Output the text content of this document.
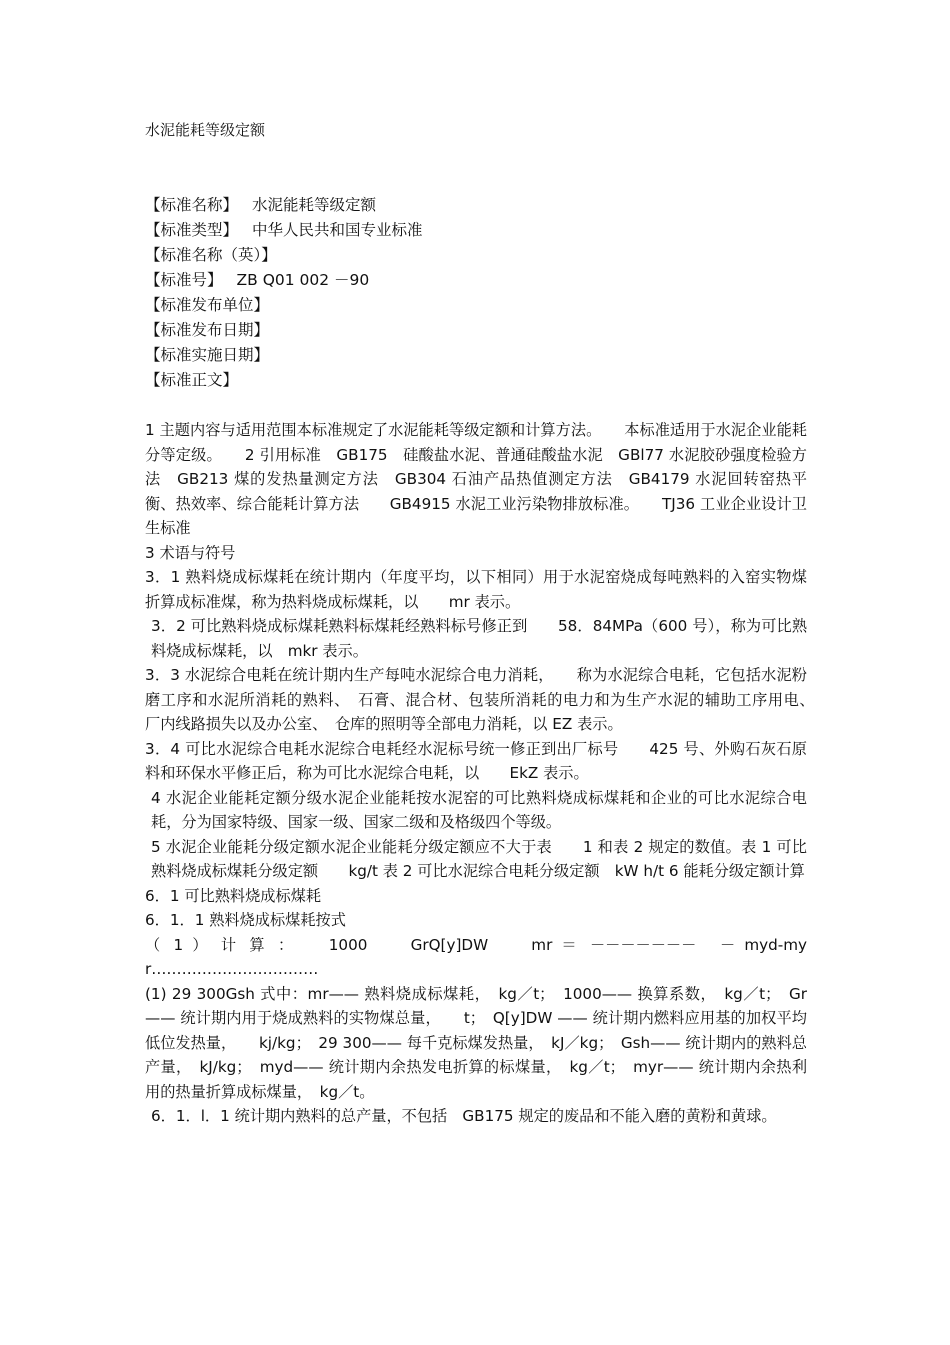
水泥能耗等级定额
【标准名称】 水泥能耗等级定额
【标准类型】 中华人民共和国专业标准
【标准名称（英）】
【标准号】 ZB Q01 002 －90
【标准发布单位】
【标准发布日期】
【标准实施日期】
【标准正文】

1 主题内容与适用范围本标准规定了水泥能耗等级定额和计算方法。　　本标准适用于水泥企业能耗分等定级。　　2 引用标准　GB175　硅酸盐水泥、普通硅酸盐水泥　GBl77 水泥胶砂强度检验方法　GB213 煤的发热量测定方法　GB304 石油产品热值测定方法　GB4179 水泥回转窑热平衡、热效率、综合能耗计算方法　　GB4915 水泥工业污染物排放标准。　　TJ36 工业企业设计卫生标准

3 术语与符号

3．1 熟料烧成标煤耗在统计期内（年度平均，以下相同）用于水泥窑烧成每吨熟料的入窑实物煤折算成标准煤，称为热料烧成标煤耗，以　　mr 表示。

3．2 可比熟料烧成标煤耗熟料标煤耗经熟料标号修正到　　58．84MPa（600 号），称为可比熟料烧成标煤耗，以　mkr 表示。

3．3 水泥综合电耗在统计期内生产每吨水泥综合电力消耗，　　称为水泥综合电耗，它包括水泥粉磨工序和水泥所消耗的熟料、　石膏、混合材、包装所消耗的电力和为生产水泥的辅助工序用电、　厂内线路损失以及办公室、　仓库的照明等全部电力消耗，以 EZ 表示。

3．4 可比水泥综合电耗水泥综合电耗经水泥标号统一修正到出厂标号　　425 号、外购石灰石原料和环保水平修正后，称为可比水泥综合电耗，以　　EkZ 表示。

4 水泥企业能耗定额分级水泥企业能耗按水泥窑的可比熟料烧成标煤耗和企业的可比水泥综合电耗，分为国家特级、国家一级、国家二级和及格级四个等级。

5 水泥企业能耗分级定额水泥企业能耗分级定额应不大于表　　1 和表 2 规定的数值。表 1 可比熟料烧成标煤耗分级定额　　kg/t 表 2 可比水泥综合电耗分级定额　kW h/t 6 能耗分级定额计算

6．1 可比熟料烧成标煤耗

6．1．1 熟料烧成标煤耗按式

（ 1 ） 计 算 ：　　1000　　GrQ[y]DW　　mr ＝ －－－－－－－　－ myd-myr……………………………

(1) 29 300Gsh 式中：mr—— 熟料烧成标煤耗，　kg／t；　1000—— 换算系数，　kg／t；　Gr—— 统计期内用于烧成熟料的实物煤总量，　　t；　Q[y]DW —— 统计期内燃料应用基的加权平均低位发热量，　　kj/kg；　29 300—— 每千克标煤发热量，　kJ／kg；　Gsh—— 统计期内的熟料总产量，　kJ/kg；　myd—— 统计期内余热发电折算的标煤量，　kg／t；　myr—— 统计期内余热利用的热量折算成标煤量，　kg／t。

6．1．l．1 统计期内熟料的总产量，不包括　GB175 规定的废品和不能入磨的黄粉和黄球。
